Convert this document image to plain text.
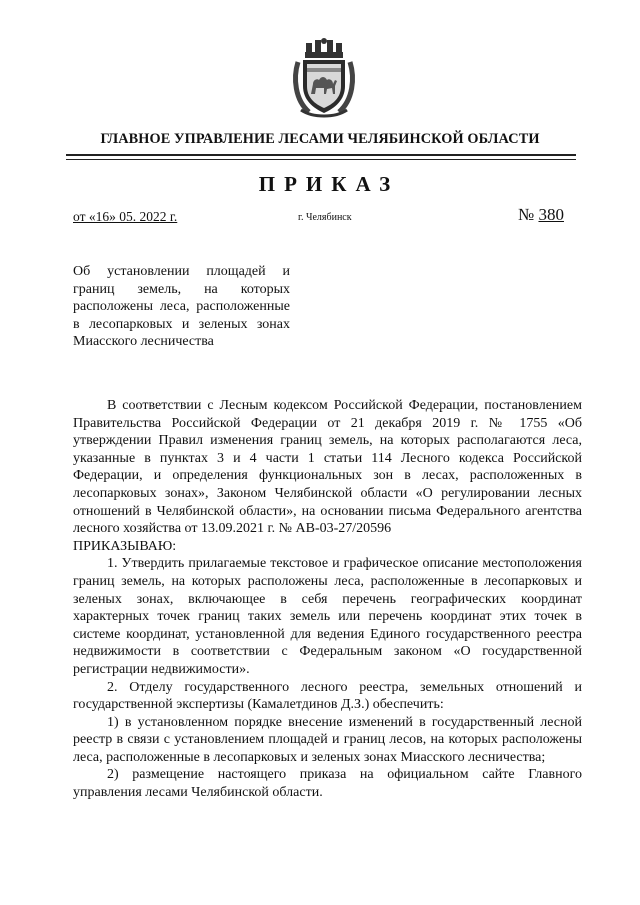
ГЛАВНОЕ УПРАВЛЕНИЕ ЛЕСАМИ ЧЕЛЯБИНСКОЙ ОБЛАСТИ
ПРИКАЗ
от «16» 05. 2022 г.	г. Челябинск	№ 380
Об установлении площадей и границ земель, на которых расположены леса, расположенные в лесопарковых и зеленых зонах Миасского лесничества

В соответствии с Лесным кодексом Российской Федерации, постановлением Правительства Российской Федерации от 21 декабря 2019 г. № 1755 «Об утверждении Правил изменения границ земель, на которых располагаются леса, указанные в пунктах 3 и 4 части 1 статьи 114 Лесного кодекса Российской Федерации, и определения функциональных зон в лесах, расположенных в лесопарковых зонах», Законом Челябинской области «О регулировании лесных отношений в Челябинской области», на основании письма Федерального агентства лесного хозяйства от 13.09.2021 г. № АВ-03-27/20596

ПРИКАЗЫВАЮ:

1. Утвердить прилагаемые текстовое и графическое описание местоположения границ земель, на которых расположены леса, расположенные в лесопарковых и зеленых зонах, включающее в себя перечень географических координат характерных точек границ таких земель или перечень координат этих точек в системе координат, установленной для ведения Единого государственного реестра недвижимости в соответствии с Федеральным законом «О государственной регистрации недвижимости».

2. Отделу государственного лесного реестра, земельных отношений и государственной экспертизы (Камалетдинов Д.З.) обеспечить:

1) в установленном порядке внесение изменений в государственный лесной реестр в связи с установлением площадей и границ лесов, на которых расположены леса, расположенные в лесопарковых и зеленых зонах Миасского лесничества;

2) размещение настоящего приказа на официальном сайте Главного управления лесами Челябинской области.
